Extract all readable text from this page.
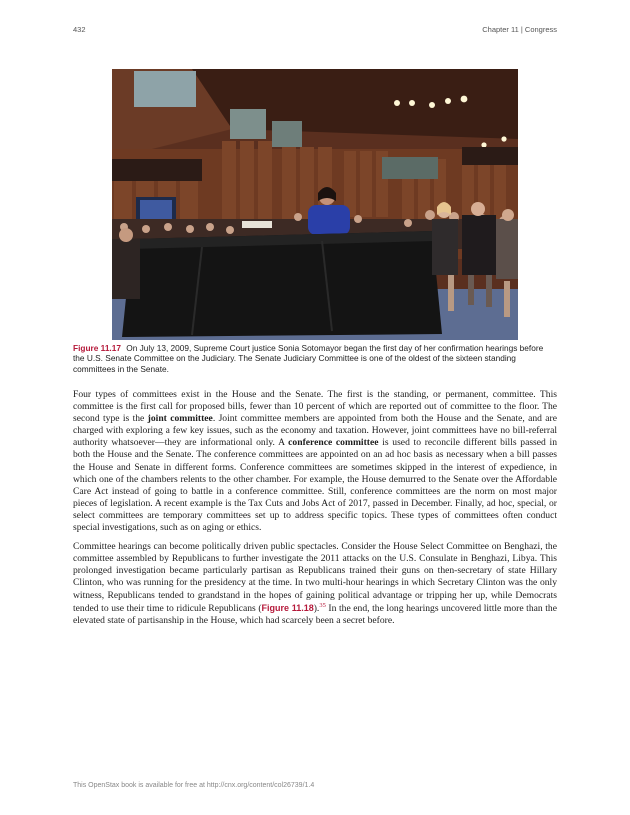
432	Chapter 11 | Congress
Figure 11.17 On July 13, 2009, Supreme Court justice Sonia Sotomayor began the first day of her confirmation hearings before the U.S. Senate Committee on the Judiciary. The Senate Judiciary Committee is one of the oldest of the sixteen standing committees in the Senate.

Four types of committees exist in the House and the Senate. The first is the standing, or permanent, committee. This committee is the first call for proposed bills, fewer than 10 percent of which are reported out of committee to the floor. The second type is the joint committee. Joint committee members are appointed from both the House and the Senate, and are charged with exploring a few key issues, such as the economy and taxation. However, joint committees have no bill-referral authority whatsoever—they are informational only. A conference committee is used to reconcile different bills passed in both the House and the Senate. The conference committees are appointed on an ad hoc basis as necessary when a bill passes the House and Senate in different forms. Conference committees are sometimes skipped in the interest of expedience, in which one of the chambers relents to the other chamber. For example, the House demurred to the Senate over the Affordable Care Act instead of going to battle in a conference committee. Still, conference committees are the norm on most major pieces of legislation. A recent example is the Tax Cuts and Jobs Act of 2017, passed in December. Finally, ad hoc, special, or select committees are temporary committees set up to address specific topics. These types of committees often conduct special investigations, such as on aging or ethics.

Committee hearings can become politically driven public spectacles. Consider the House Select Committee on Benghazi, the committee assembled by Republicans to further investigate the 2011 attacks on the U.S. Consulate in Benghazi, Libya. This prolonged investigation became particularly partisan as Republicans trained their guns on then-secretary of state Hillary Clinton, who was running for the presidency at the time. In two multi-hour hearings in which Secretary Clinton was the only witness, Republicans tended to grandstand in the hopes of gaining political advantage or tripping her up, while Democrats tended to use their time to ridicule Republicans (Figure 11.18).$^{35}$ In the end, the long hearings uncovered little more than the elevated state of partisanship in the House, which had scarcely been a secret before.

This OpenStax book is available for free at http://cnx.org/content/col26739/1.4
